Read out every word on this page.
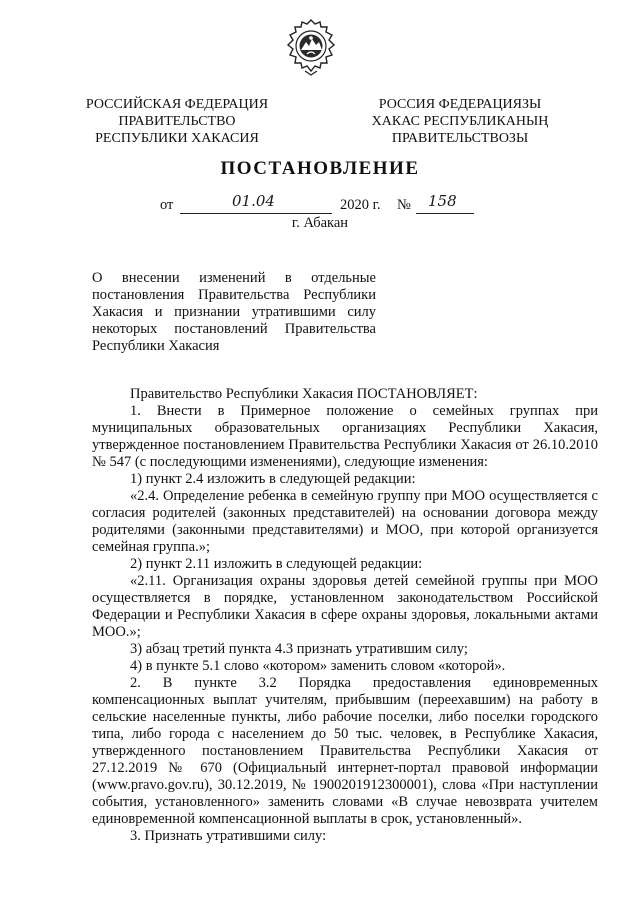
РОССИЙСКАЯ ФЕДЕРАЦИЯ
ПРАВИТЕЛЬСТВО
РЕСПУБЛИКИ ХАКАСИЯ
РОССИЯ ФЕДЕРАЦИЯЗЫ
ХАКАС РЕСПУБЛИКАНЫҢ
ПРАВИТЕЛЬСТВОЗЫ
ПОСТАНОВЛЕНИЕ
от	01.04	2020 г. № 158
г. Абакан
О внесении изменений в отдельные
постановления Правительства Республики
Хакасия и признании утратившими силу
некоторых постановлений Правительства
Республики Хакасия

Правительство Республики Хакасия ПОСТАНОВЛЯЕТ:

1. Внести в Примерное положение о семейных группах при муниципальных образовательных организациях Республики Хакасия, утвержденное постановлением Правительства Республики Хакасия от 26.10.2010 № 547 (с последующими изменениями), следующие изменения:

1) пункт 2.4 изложить в следующей редакции:

«2.4. Определение ребенка в семейную группу при МОО осуществляется с согласия родителей (законных представителей) на основании договора между родителями (законными представителями) и МОО, при которой организуется семейная группа.»;

2) пункт 2.11 изложить в следующей редакции:

«2.11. Организация охраны здоровья детей семейной группы при МОО осуществляется в порядке, установленном законодательством Российской Федерации и Республики Хакасия в сфере охраны здоровья, локальными актами МОО.»;

3) абзац третий пункта 4.3 признать утратившим силу;

4) в пункте 5.1 слово «котором» заменить словом «которой».

2. В пункте 3.2 Порядка предоставления единовременных компенсационных выплат учителям, прибывшим (переехавшим) на работу в сельские населенные пункты, либо рабочие поселки, либо поселки городского типа, либо города с населением до 50 тыс. человек, в Республике Хакасия, утвержденного постановлением Правительства Республики Хакасия от 27.12.2019 № 670 (Официальный интернет-портал правовой информации (www.pravo.gov.ru), 30.12.2019, № 1900201912300001), слова «При наступлении события, установленного» заменить словами «В случае невозврата учителем единовременной компенсационной выплаты в срок, установленный».

3. Признать утратившими силу:
